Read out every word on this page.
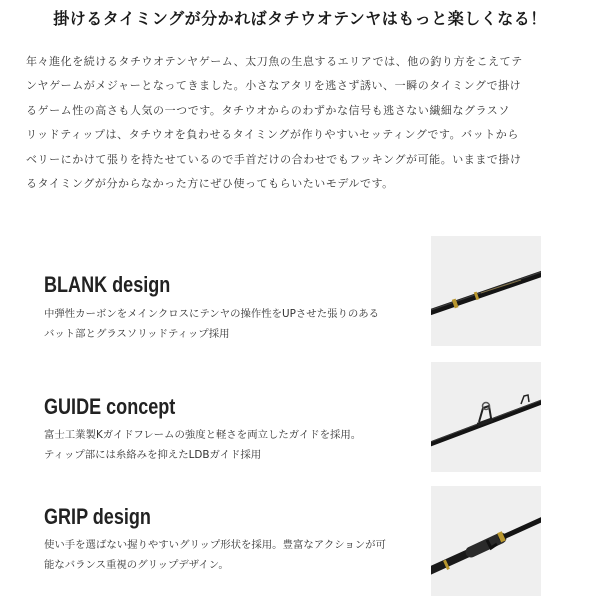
掛けるタイミングが分かればタチウオテンヤはもっと楽しくなる！
年々進化を続けるタチウオテンヤゲーム、太刀魚の生息するエリアでは、他の釣り方をこえてテ
ンヤゲームがメジャーとなってきました。小さなアタリを逃さず誘い、一瞬のタイミングで掛け
るゲーム性の高さも人気の一つです。タチウオからのわずかな信号も逃さない繊細なグラスソ
リッドティップは、タチウオを負わせるタイミングが作りやすいセッティングです。バットから
ベリーにかけて張りを持たせているので手首だけの合わせでもフッキングが可能。いままで掛け
るタイミングが分からなかった方にぜひ使ってもらいたいモデルです。
BLANK design
中弾性カーボンをメインクロスにテンヤの操作性をUPさせた張りのある
バット部とグラスソリッドティップ採用
GUIDE concept
富士工業製Kガイドフレームの強度と軽さを両立したガイドを採用。
ティップ部には糸絡みを抑えたLDBガイド採用
GRIP design
使い手を選ばない握りやすいグリップ形状を採用。豊富なアクションが可
能なバランス重視のグリップデザイン。
